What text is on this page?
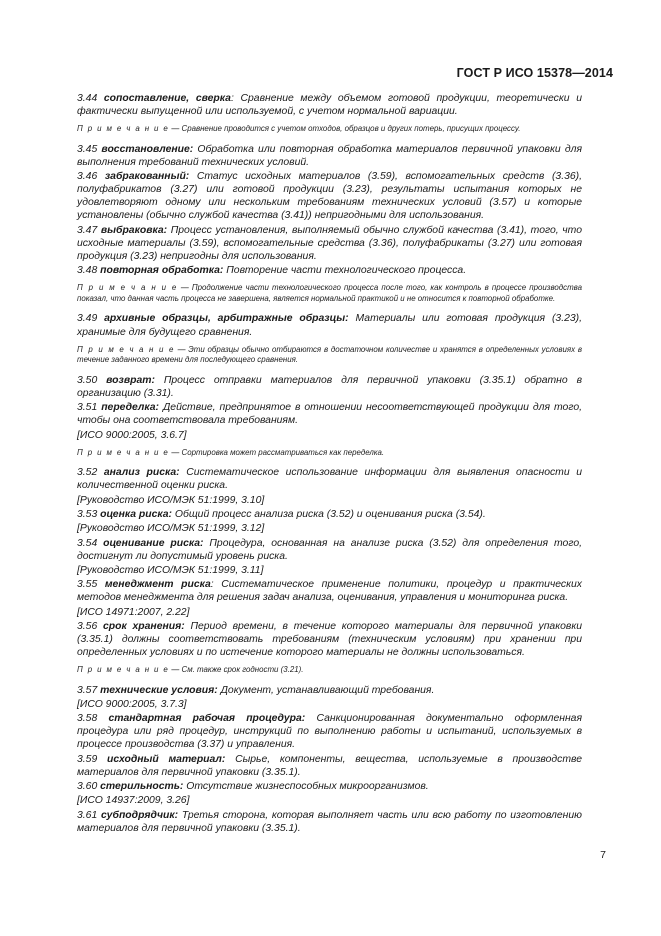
ГОСТ Р ИСО 15378—2014

3.44 сопоставление, сверка: Сравнение между объемом готовой продукции, теоретически и фактически выпущенной или используемой, с учетом нормальной вариации.

П р и м е ч а н и е — Сравнение проводится с учетом отходов, образцов и других потерь, присущих процессу.

3.45 восстановление: Обработка или повторная обработка материалов первичной упаковки для выполнения требований технических условий.

3.46 забракованный: Статус исходных материалов (3.59), вспомогательных средств (3.36), полуфабрикатов (3.27) или готовой продукции (3.23), результаты испытания которых не удовлетворяют одному или нескольким требованиям технических условий (3.57) и которые установлены (обычно службой качества (3.41)) непригодными для использования.

3.47 выбраковка: Процесс установления, выполняемый обычно службой качества (3.41), того, что исходные материалы (3.59), вспомогательные средства (3.36), полуфабрикаты (3.27) или готовая продукция (3.23) непригодны для использования.

3.48 повторная обработка: Повторение части технологического процесса.

П р и м е ч а н и е — Продолжение части технологического процесса после того, как контроль в процессе производства показал, что данная часть процесса не завершена, является нормальной практикой и не относится к повторной обработке.

3.49 архивные образцы, арбитражные образцы: Материалы или готовая продукция (3.23), хранимые для будущего сравнения.

П р и м е ч а н и е — Эти образцы обычно отбираются в достаточном количестве и хранятся в определенных условиях в течение заданного времени для последующего сравнения.

3.50 возврат: Процесс отправки материалов для первичной упаковки (3.35.1) обратно в организацию (3.31).

3.51 переделка: Действие, предпринятое в отношении несоответствующей продукции для того, чтобы она соответствовала требованиям.

[ИСО 9000:2005, 3.6.7]

П р и м е ч а н и е — Сортировка может рассматриваться как переделка.

3.52 анализ риска: Систематическое использование информации для выявления опасности и количественной оценки риска.

[Руководство ИСО/МЭК 51:1999, 3.10]

3.53 оценка риска: Общий процесс анализа риска (3.52) и оценивания риска (3.54).

[Руководство ИСО/МЭК 51:1999, 3.12]

3.54 оценивание риска: Процедура, основанная на анализе риска (3.52) для определения того, достигнут ли допустимый уровень риска.

[Руководство ИСО/МЭК 51:1999, 3.11]

3.55 менеджмент риска: Систематическое применение политики, процедур и практических методов менеджмента для решения задач анализа, оценивания, управления и мониторинга риска.

[ИСО 14971:2007, 2.22]

3.56 срок хранения: Период времени, в течение которого материалы для первичной упаковки (3.35.1) должны соответствовать требованиям (техническим условиям) при хранении при определенных условиях и по истечение которого материалы не должны использоваться.

П р и м е ч а н и е — См. также срок годности (3.21).

3.57 технические условия: Документ, устанавливающий требования.

[ИСО 9000:2005, 3.7.3]

3.58 стандартная рабочая процедура: Санкционированная документально оформленная процедура или ряд процедур, инструкций по выполнению работы и испытаний, используемых в процессе производства (3.37) и управления.

3.59 исходный материал: Сырье, компоненты, вещества, используемые в производстве материалов для первичной упаковки (3.35.1).

3.60 стерильность: Отсутствие жизнеспособных микроорганизмов.

[ИСО 14937:2009, 3.26]

3.61 субподрядчик: Третья сторона, которая выполняет часть или всю работу по изготовлению материалов для первичной упаковки (3.35.1).

7
